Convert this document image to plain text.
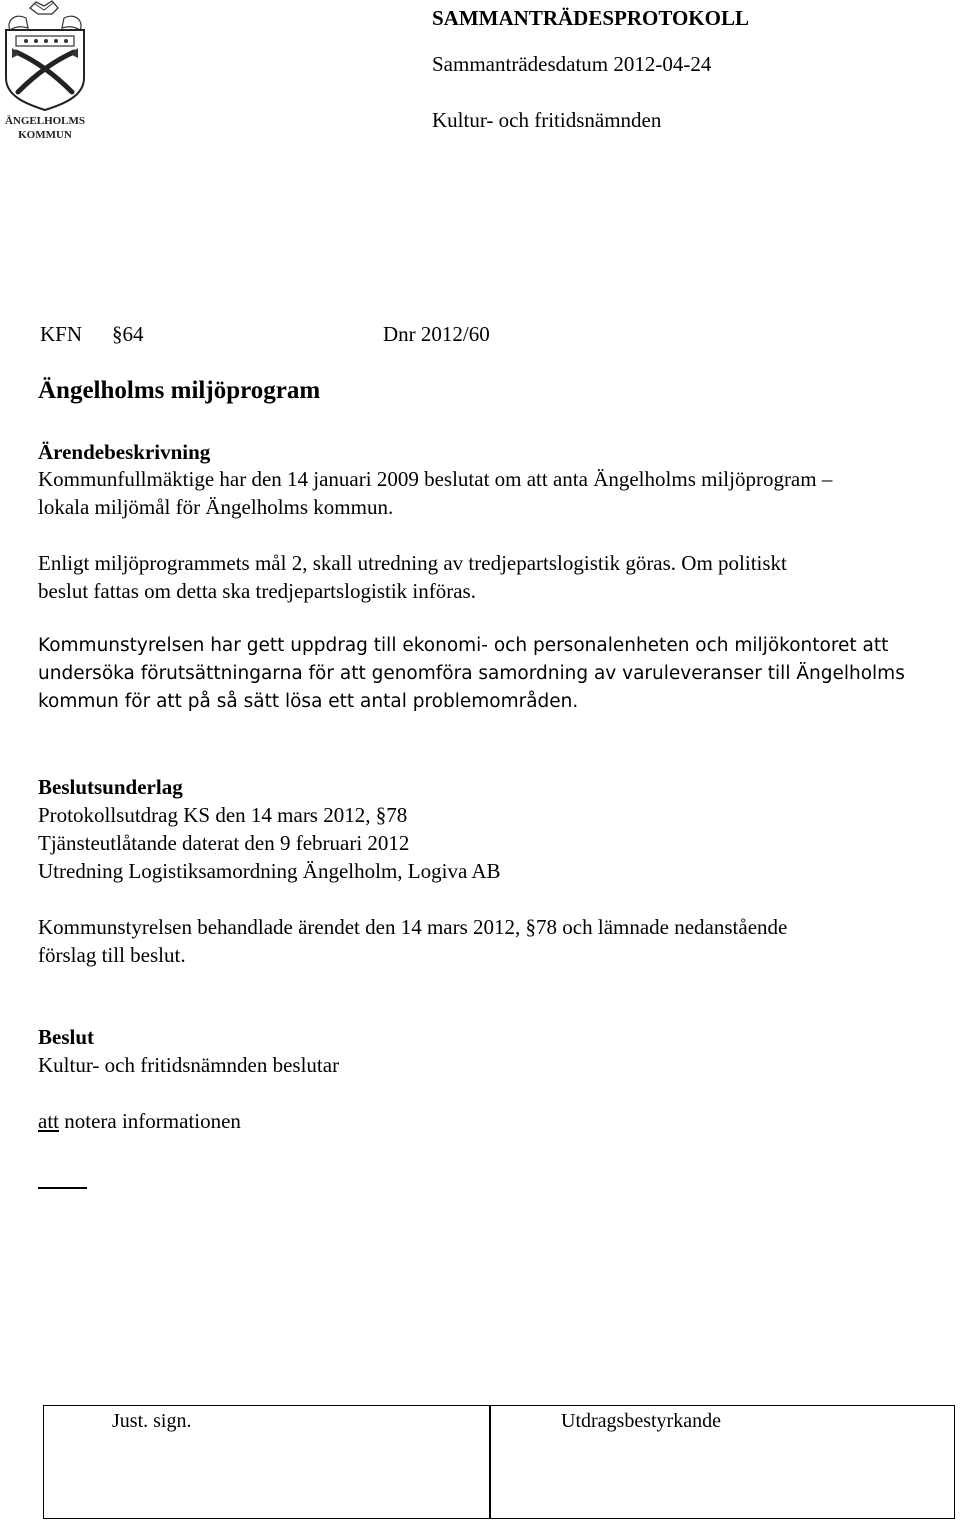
ÄNGELHOLMS
KOMMUN
SAMMANTRÄDESPROTOKOLL
Sammanträdesdatum 2012-04-24
Kultur- och fritidsnämnden
KFN §64	Dnr 2012/60
Ängelholms miljöprogram
Ärendebeskrivning
Kommunfullmäktige har den 14 januari 2009 beslutat om att anta Ängelholms miljöprogram –
lokala miljömål för Ängelholms kommun.
Enligt miljöprogrammets mål 2, skall utredning av tredjepartslogistik göras. Om politiskt
beslut fattas om detta ska tredjepartslogistik införas.
Kommunstyrelsen har gett uppdrag till ekonomi- och personalenheten och miljökontoret att
undersöka förutsättningarna för att genomföra samordning av varuleveranser till Ängelholms
kommun för att på så sätt lösa ett antal problemområden.
Beslutsunderlag
Protokollsutdrag KS den 14 mars 2012, §78
Tjänsteutlåtande daterat den 9 februari 2012
Utredning Logistiksamordning Ängelholm, Logiva AB
Kommunstyrelsen behandlade ärendet den 14 mars 2012, §78 och lämnade nedanstående
förslag till beslut.
Beslut
Kultur- och fritidsnämnden beslutar
att notera informationen
Just. sign.	Utdragsbestyrkande
